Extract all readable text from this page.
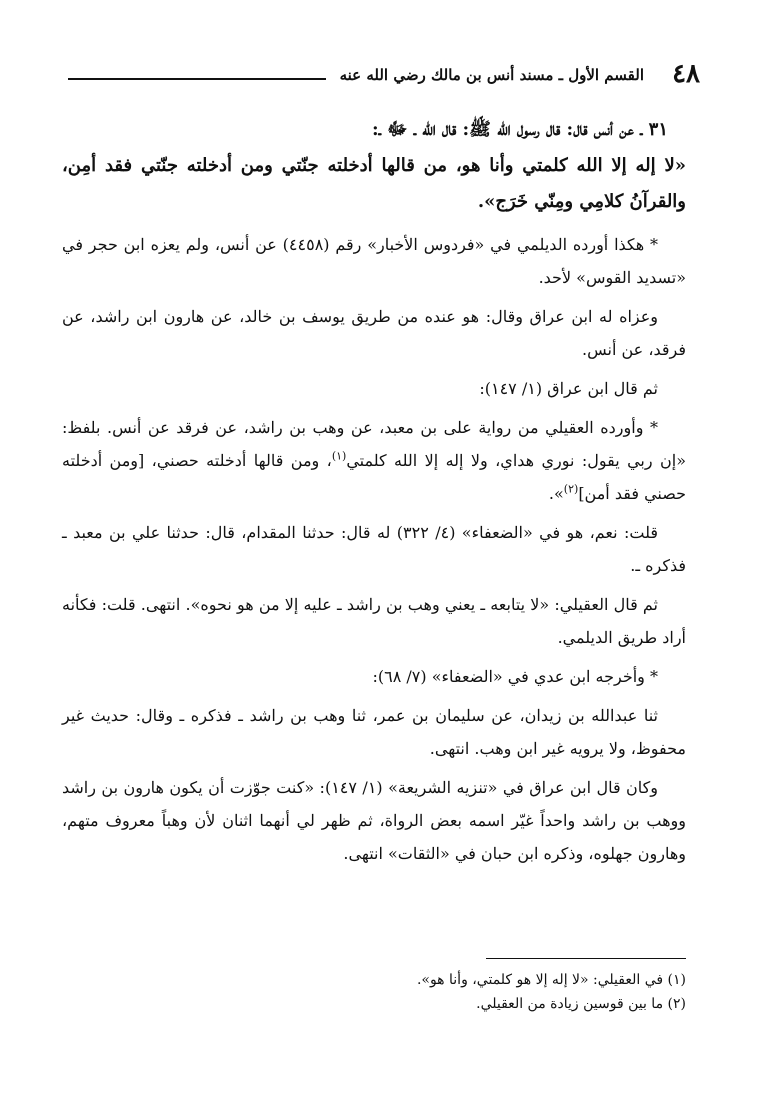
٤٨
القسم الأول ـ مسند أنس بن مالك رضي الله عنه

٣١ ـ عن أنس قال: قال رسول الله ﷺ: قال الله ـ ﷻ ـ:

«لا إله إلا الله كلمتي وأنا هو، من قالها أدخلته جنّتي ومن أدخلته جنّتي فقد أمِن، والقرآنُ كلامِي ومِنّي خَرَج».

* هكذا أورده الديلمي في «فردوس الأخبار» رقم (٤٤٥٨) عن أنس، ولم يعزه ابن حجر في «تسديد القوس» لأحد.

وعزاه له ابن عراق وقال: هو عنده من طريق يوسف بن خالد، عن هارون ابن راشد، عن فرقد، عن أنس.

ثم قال ابن عراق (١/ ١٤٧):

* وأورده العقيلي من رواية على بن معبد، عن وهب بن راشد، عن فرقد عن أنس. بلفظ: «إن ربي يقول: نوري هداي، ولا إله إلا الله كلمتي$^{(١)}$، ومن قالها أدخلته حصني، [ومن أدخلته حصني فقد أمن]$^{(٢)}$».

قلت: نعم، هو في «الضعفاء» (٤/ ٣٢٢) له قال: حدثنا المقدام، قال: حدثنا علي بن معبد ـ فذكره ـ.

ثم قال العقيلي: «لا يتابعه ـ يعني وهب بن راشد ـ عليه إلا من هو نحوه». انتهى. قلت: فكأنه أراد طريق الديلمي.

* وأخرجه ابن عدي في «الضعفاء» (٧/ ٦٨):

ثنا عبدالله بن زيدان، عن سليمان بن عمر، ثنا وهب بن راشد ـ فذكره ـ وقال: حديث غير محفوظ، ولا يرويه غير ابن وهب. انتهى.

وكان قال ابن عراق في «تنزيه الشريعة» (١/ ١٤٧): «كنت جوّزت أن يكون هارون بن راشد ووهب بن راشد واحداً غيّر اسمه بعض الرواة، ثم ظهر لي أنهما اثنان لأن وهباً معروف متهم، وهارون جهلوه، وذكره ابن حبان في «الثقات» انتهى.

(١) في العقيلي: «لا إله إلا هو كلمتي، وأنا هو».

(٢) ما بين قوسين زيادة من العقيلي.
